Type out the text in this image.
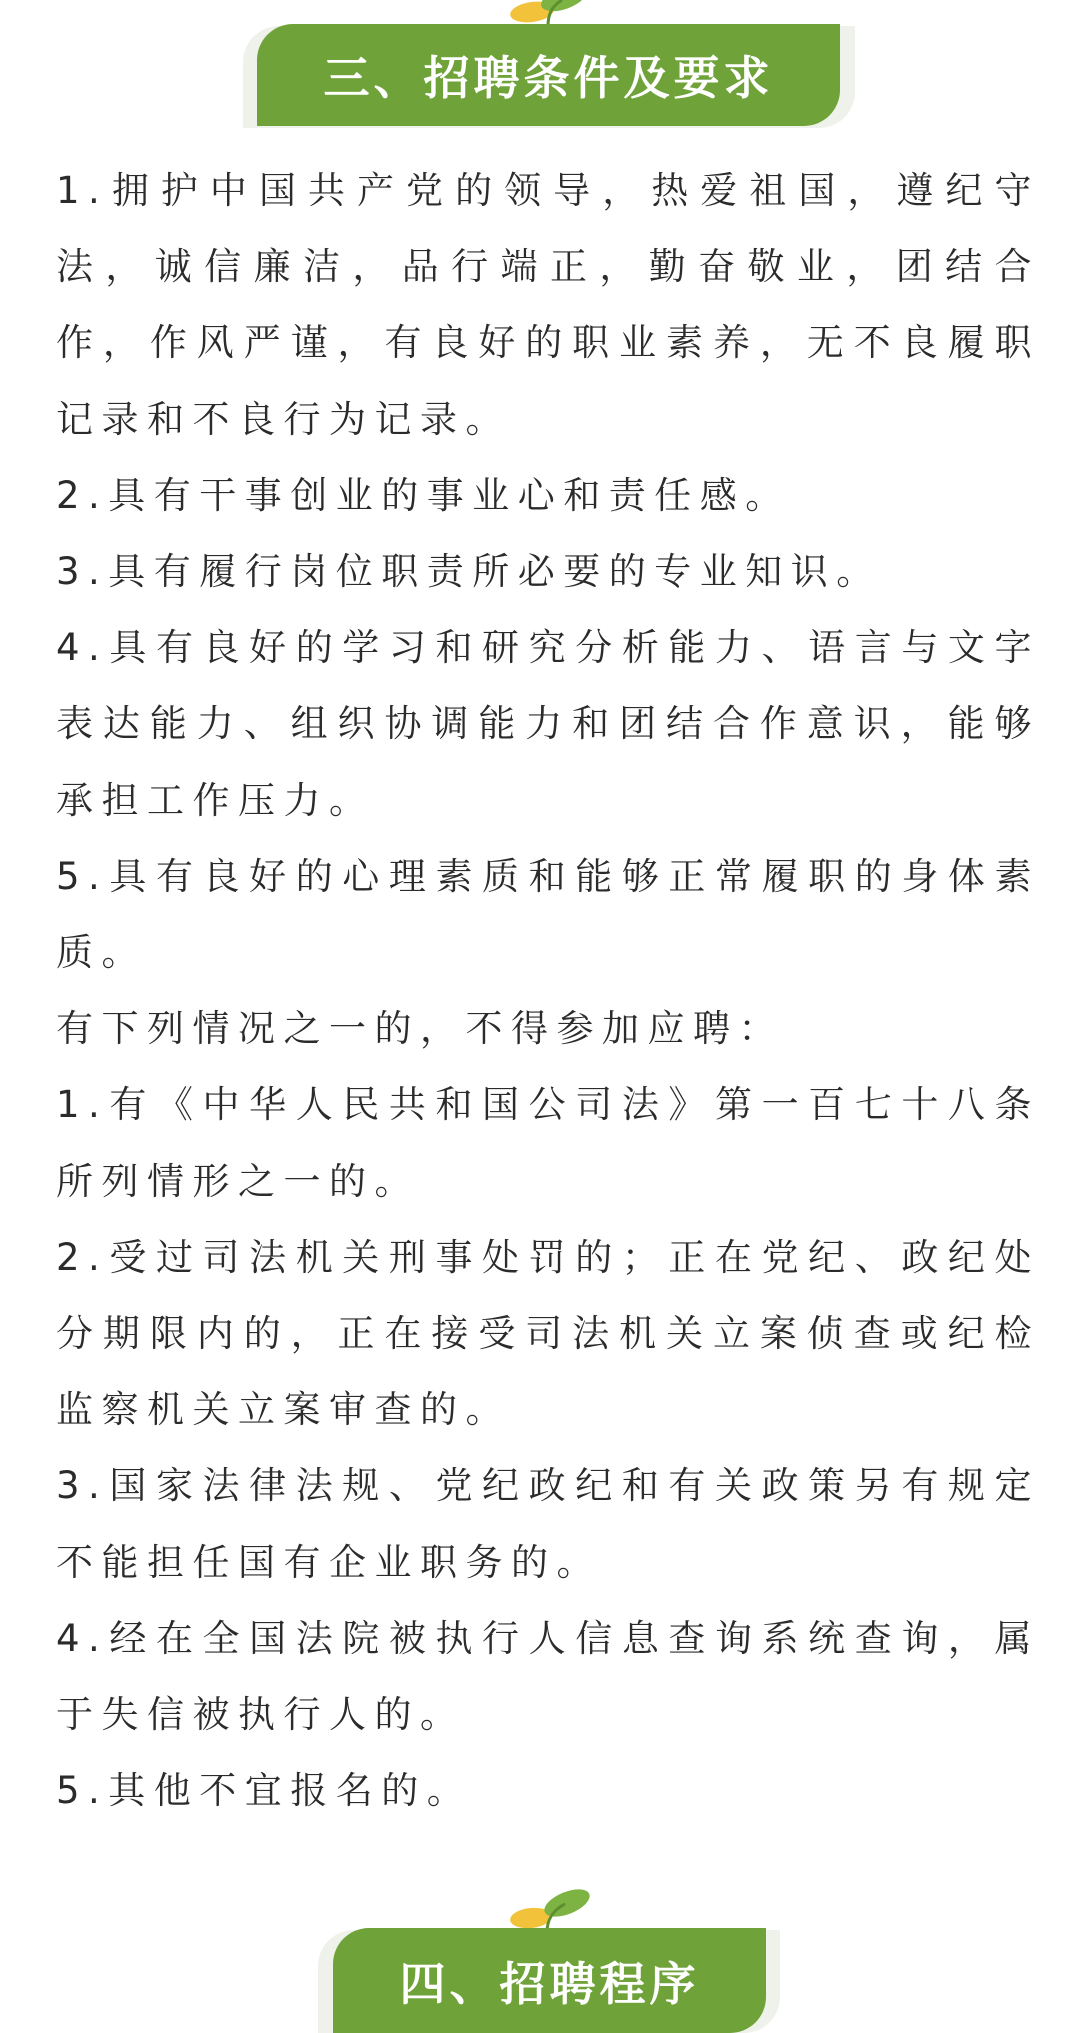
三、招聘条件及要求

1.拥护中国共产党的领导，热爱祖国，遵纪守法，诚信廉洁，品行端正，勤奋敬业，团结合作，作风严谨，有良好的职业素养，无不良履职记录和不良行为记录。

2.具有干事创业的事业心和责任感。

3.具有履行岗位职责所必要的专业知识。

4.具有良好的学习和研究分析能力、语言与文字表达能力、组织协调能力和团结合作意识，能够承担工作压力。

5.具有良好的心理素质和能够正常履职的身体素质。

有下列情况之一的，不得参加应聘：

1.有《中华人民共和国公司法》第一百七十八条所列情形之一的。

2.受过司法机关刑事处罚的；正在党纪、政纪处分期限内的，正在接受司法机关立案侦查或纪检监察机关立案审查的。

3.国家法律法规、党纪政纪和有关政策另有规定不能担任国有企业职务的。

4.经在全国法院被执行人信息查询系统查询，属于失信被执行人的。

5.其他不宜报名的。

四、招聘程序
